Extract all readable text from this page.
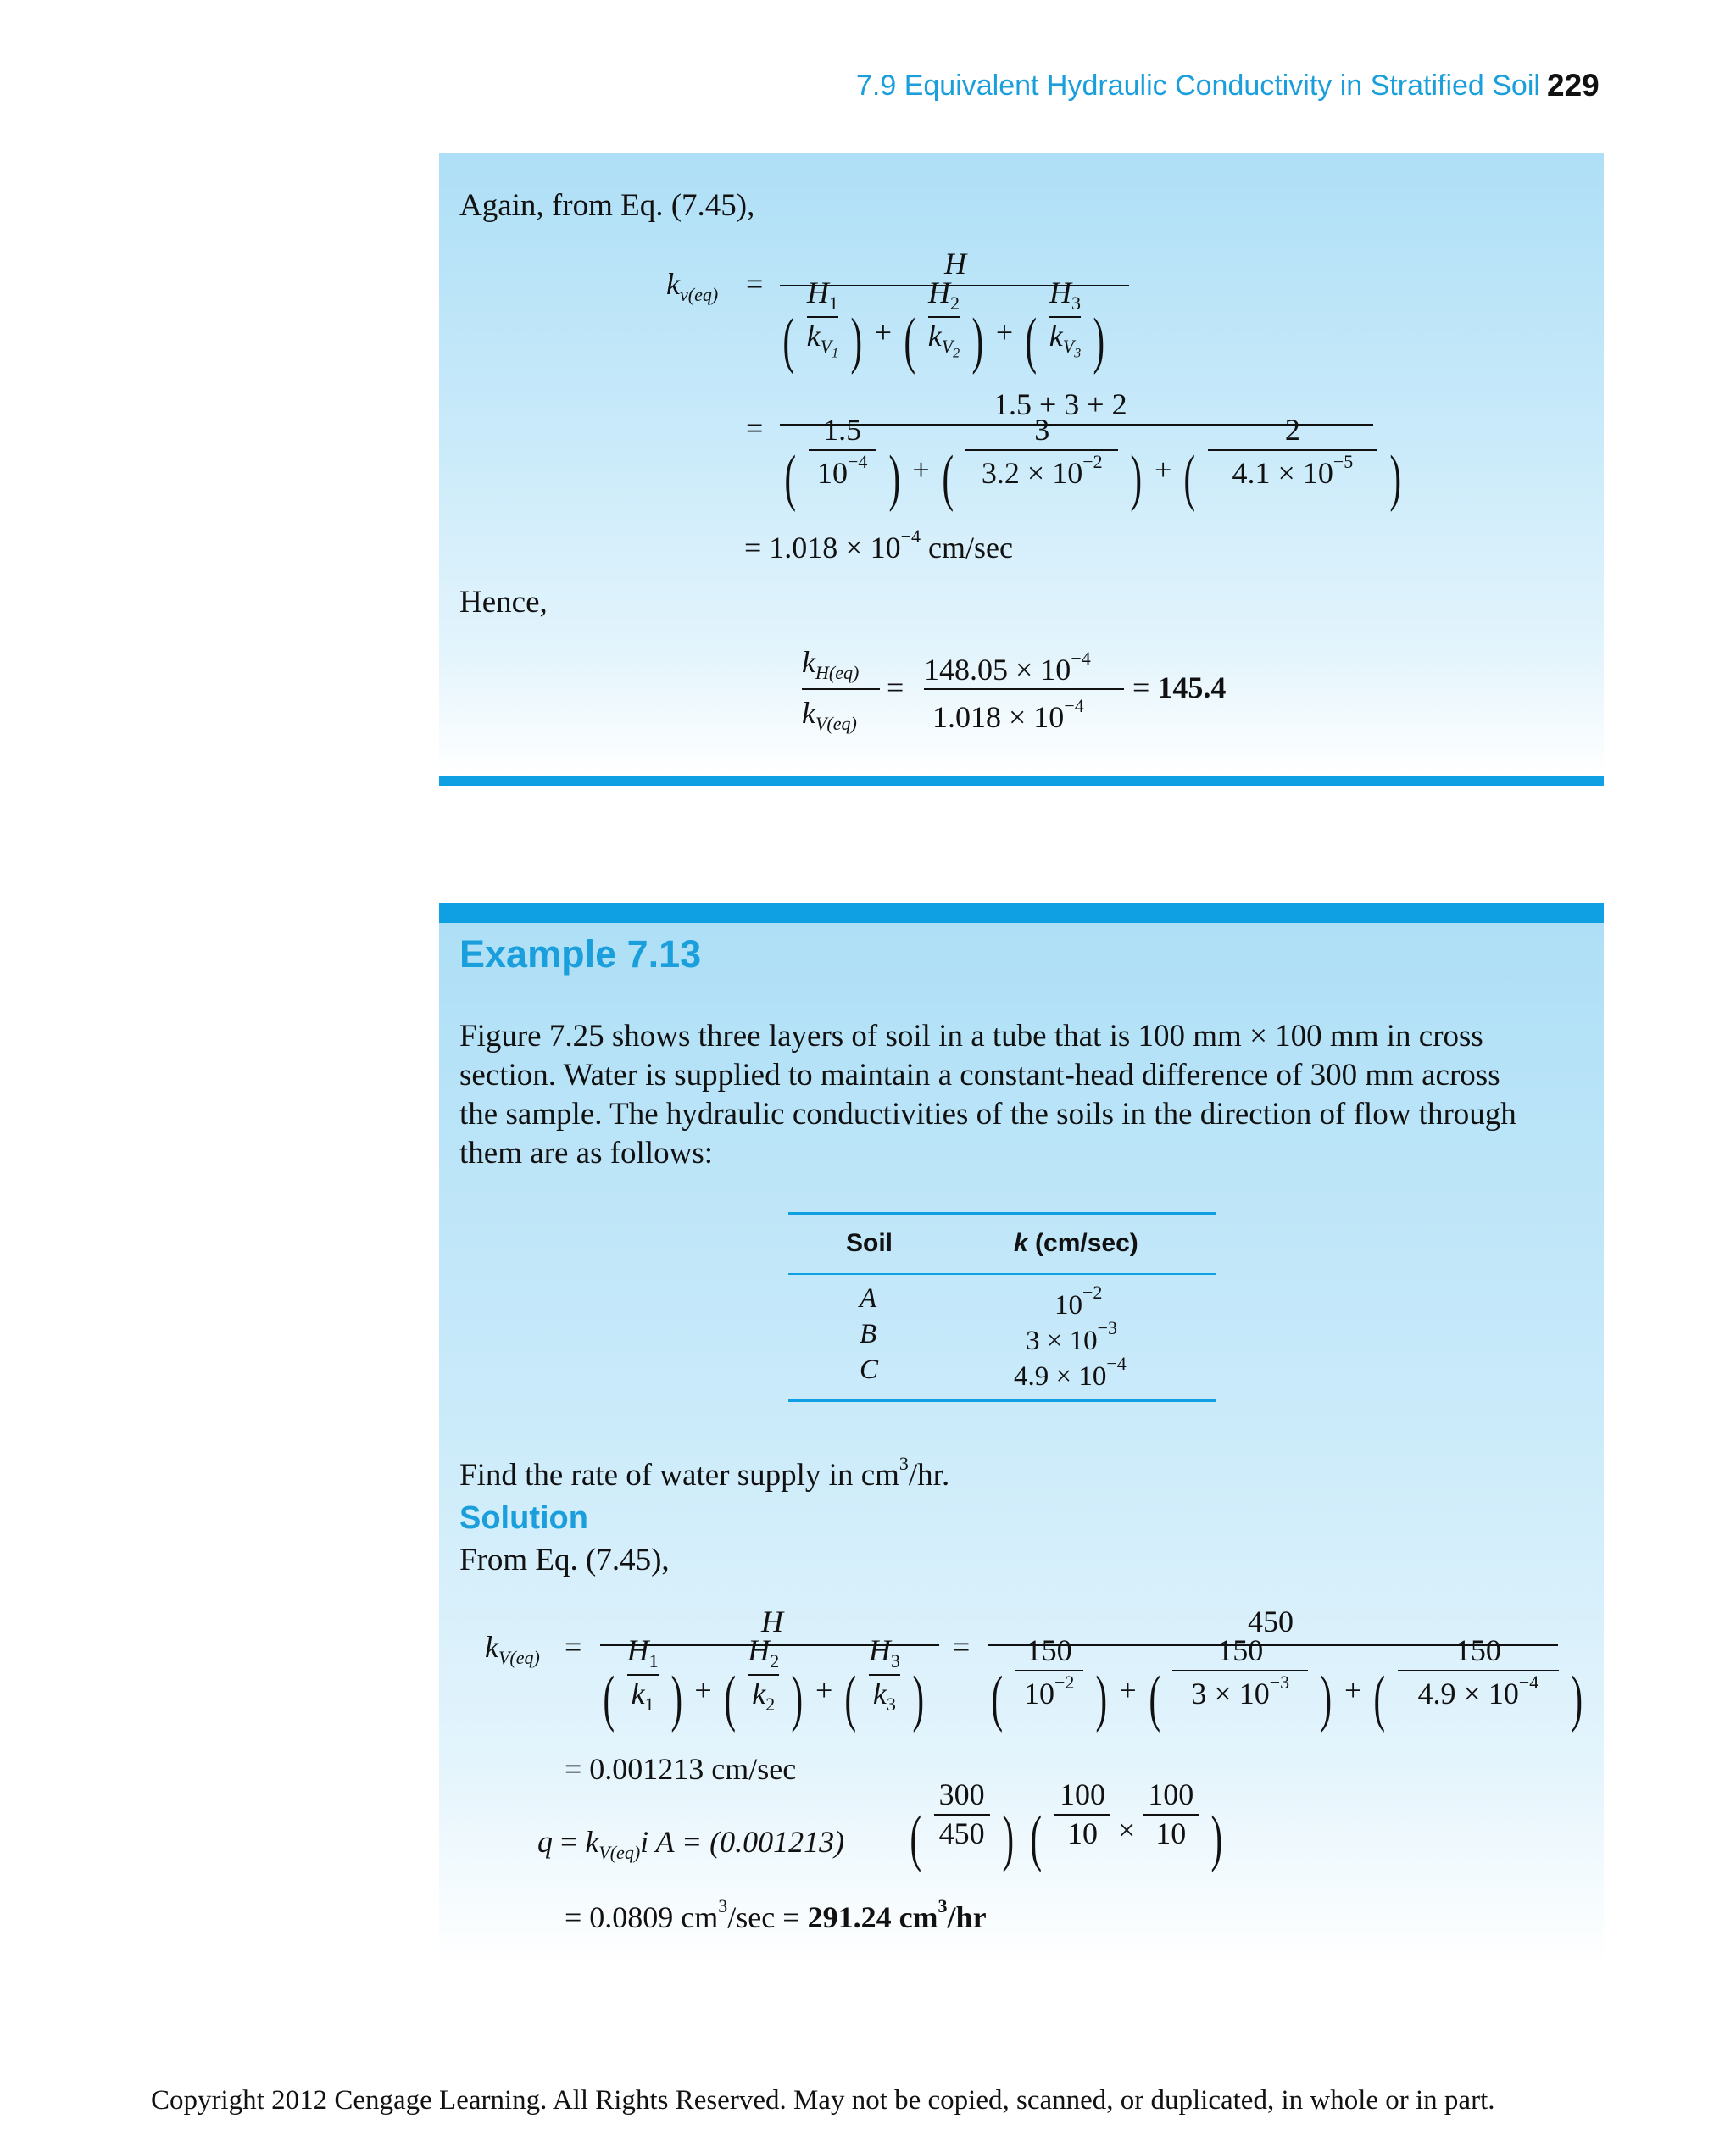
7.9 Equivalent Hydraulic Conductivity in Stratified Soil 229
Again, from Eq. (7.45),
$k_{v(eq)}$ =
H
( $H_1$

$k_{V_1}$ ) + ( $H_2$

$k_{V_2}$ ) + ( $H_3$

$k_{V_3}$ )
=
1.5 + 3 + 2
( $\frac{1.5}{10^{-4}}$ ) + ( $\frac{3}{3.2 \times 10^{-2}}$ ) + ( $\frac{2}{4.1 \times 10^{-5}}$ )
= $1.018 \times 10^{-4}$ cm/sec
Hence,
$k_{H(eq)}$
$k_{V(eq)}$
=
$148.05 \times 10^{-4}$
$1.018 \times 10^{-4}$
= 145.4
Example 7.13
Figure 7.25 shows three layers of soil in a tube that is 100 mm × 100 mm in cross
section. Water is supplied to maintain a constant-head difference of 300 mm across
the sample. The hydraulic conductivities of the soils in the direction of flow through
them are as follows:
Soil	k (cm/sec)
A	$10^{-2}$
B	$3 \times 10^{-3}$
C	$4.9 \times 10^{-4}$
Find the rate of water supply in $cm^3/hr$.
Solution
From Eq. (7.45),
$k_{V(eq)}$ =
H
( $H_1$

$k_1$ ) + ( $H_2$

$k_2$ ) + ( $H_3$

$k_3$ )
=
450
( $\frac{150}{10^{-2}}$ ) + ( $\frac{150}{3 \times 10^{-3}}$ ) + ( $\frac{150}{4.9 \times 10^{-4}}$ )
= 0.001213 cm/sec
$q = k_{V(eq)}i$ A = (0.001213) ( $\frac{300}{450}$ ) ( $\frac{100}{10} \times \frac{100}{10}$ )
= 0.0809 $cm^3/\sec = 291.24$ $cm^3/hr$
Copyright 2012 Cengage Learning. All Rights Reserved. May not be copied, scanned, or duplicated, in whole or in part.
